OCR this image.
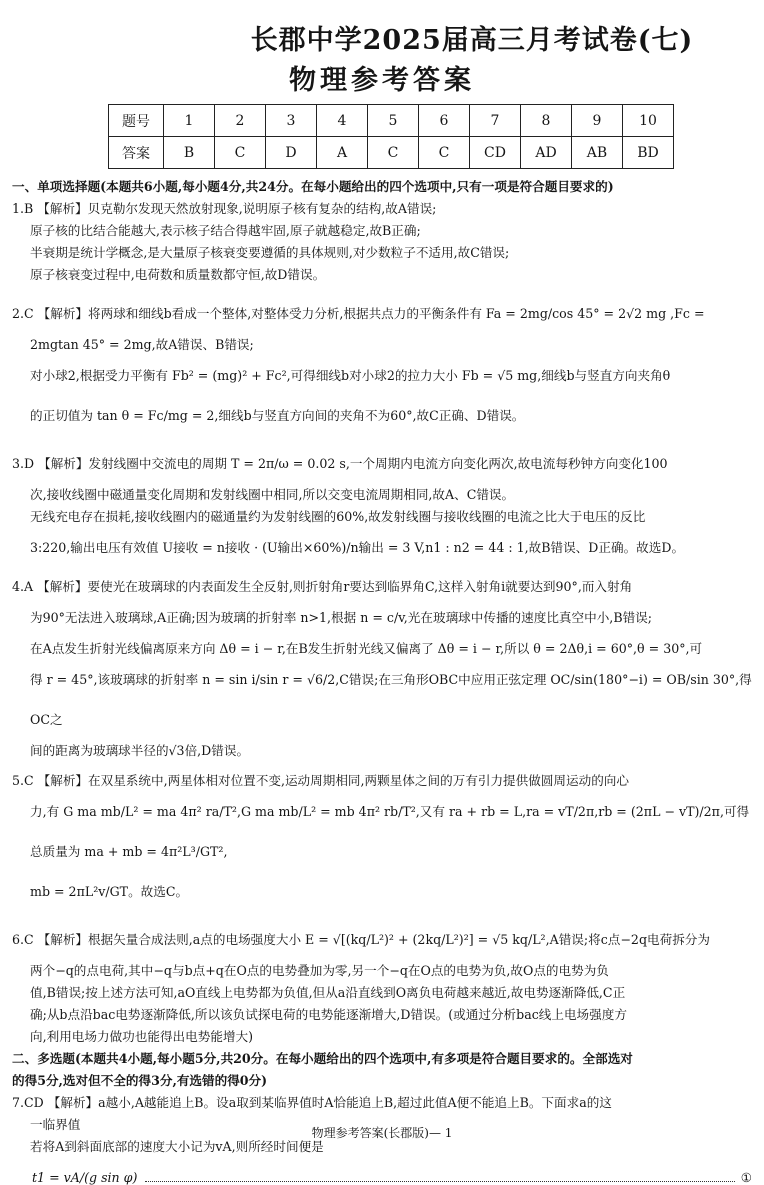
长郡中学2025届高三月考试卷(七)
物理参考答案
题号	1	2	3	4	5	6	7	8	9	10
答案	B	C	D	A	C	C	CD	AD	AB	BD

一、单项选择题(本题共6小题,每小题4分,共24分。在每小题给出的四个选项中,只有一项是符合题目要求的)

1.B 【解析】贝克勒尔发现天然放射现象,说明原子核有复杂的结构,故A错误;

原子核的比结合能越大,表示核子结合得越牢固,原子就越稳定,故B正确;

半衰期是统计学概念,是大量原子核衰变要遵循的具体规则,对少数粒子不适用,故C错误;

原子核衰变过程中,电荷数和质量数都守恒,故D错误。

2.C 【解析】将两球和细线b看成一个整体,对整体受力分析,根据共点力的平衡条件有 Fa = 2mg/cos 45° = 2√2 mg ,Fc =

2mgtan 45° = 2mg,故A错误、B错误;

对小球2,根据受力平衡有 Fb² = (mg)² + Fc²,可得细线b对小球2的拉力大小 Fb = √5 mg,细线b与竖直方向夹角θ

的正切值为 tan θ = Fc/mg = 2,细线b与竖直方向间的夹角不为60°,故C正确、D错误。

3.D 【解析】发射线圈中交流电的周期 T = 2π/ω = 0.02 s,一个周期内电流方向变化两次,故电流每秒钟方向变化100

次,接收线圈中磁通量变化周期和发射线圈中相同,所以交变电流周期相同,故A、C错误。

无线充电存在损耗,接收线圈内的磁通量约为发射线圈的60%,故发射线圈与接收线圈的电流之比大于电压的反比

3:220,输出电压有效值 U接收 = n接收 · (U输出×60%)/n输出 = 3 V,n1 : n2 = 44 : 1,故B错误、D正确。故选D。

4.A 【解析】要使光在玻璃球的内表面发生全反射,则折射角r要达到临界角C,这样入射角i就要达到90°,而入射角

为90°无法进入玻璃球,A正确;因为玻璃的折射率 n>1,根据 n = c/v,光在玻璃球中传播的速度比真空中小,B错误;

在A点发生折射光线偏离原来方向 Δθ = i − r,在B发生折射光线又偏离了 Δθ = i − r,所以 θ = 2Δθ,i = 60°,θ = 30°,可

得 r = 45°,该玻璃球的折射率 n = sin i/sin r = √6/2,C错误;在三角形OBC中应用正弦定理 OC/sin(180°−i) = OB/sin 30°,得OC之

间的距离为玻璃球半径的√3倍,D错误。

5.C 【解析】在双星系统中,两星体相对位置不变,运动周期相同,两颗星体之间的万有引力提供做圆周运动的向心

力,有 G ma mb/L² = ma 4π² ra/T²,G ma mb/L² = mb 4π² rb/T²,又有 ra + rb = L,ra = vT/2π,rb = (2πL − vT)/2π,可得总质量为 ma + mb = 4π²L³/GT²,

mb = 2πL²v/GT。故选C。

6.C 【解析】根据矢量合成法则,a点的电场强度大小 E = √[(kq/L²)² + (2kq/L²)²] = √5 kq/L²,A错误;将c点−2q电荷拆分为

两个−q的点电荷,其中−q与b点+q在O点的电势叠加为零,另一个−q在O点的电势为负,故O点的电势为负

值,B错误;按上述方法可知,aO直线上电势都为负值,但从a沿直线到O离负电荷越来越近,故电势逐渐降低,C正

确;从b点沿bac电势逐渐降低,所以该负试探电荷的电势能逐渐增大,D错误。(或通过分析bac线上电场强度方

向,利用电场力做功也能得出电势能增大)

二、多选题(本题共4小题,每小题5分,共20分。在每小题给出的四个选项中,有多项是符合题目要求的。全部选对

的得5分,选对但不全的得3分,有选错的得0分)

7.CD 【解析】a越小,A越能追上B。设a取到某临界值时A恰能追上B,超过此值A便不能追上B。下面求a的这

一临界值

若将A到斜面底部的速度大小记为vA,则所经时间便是

t1 = vA/(g sin φ)	①
物理参考答案(长郡版)— 1
